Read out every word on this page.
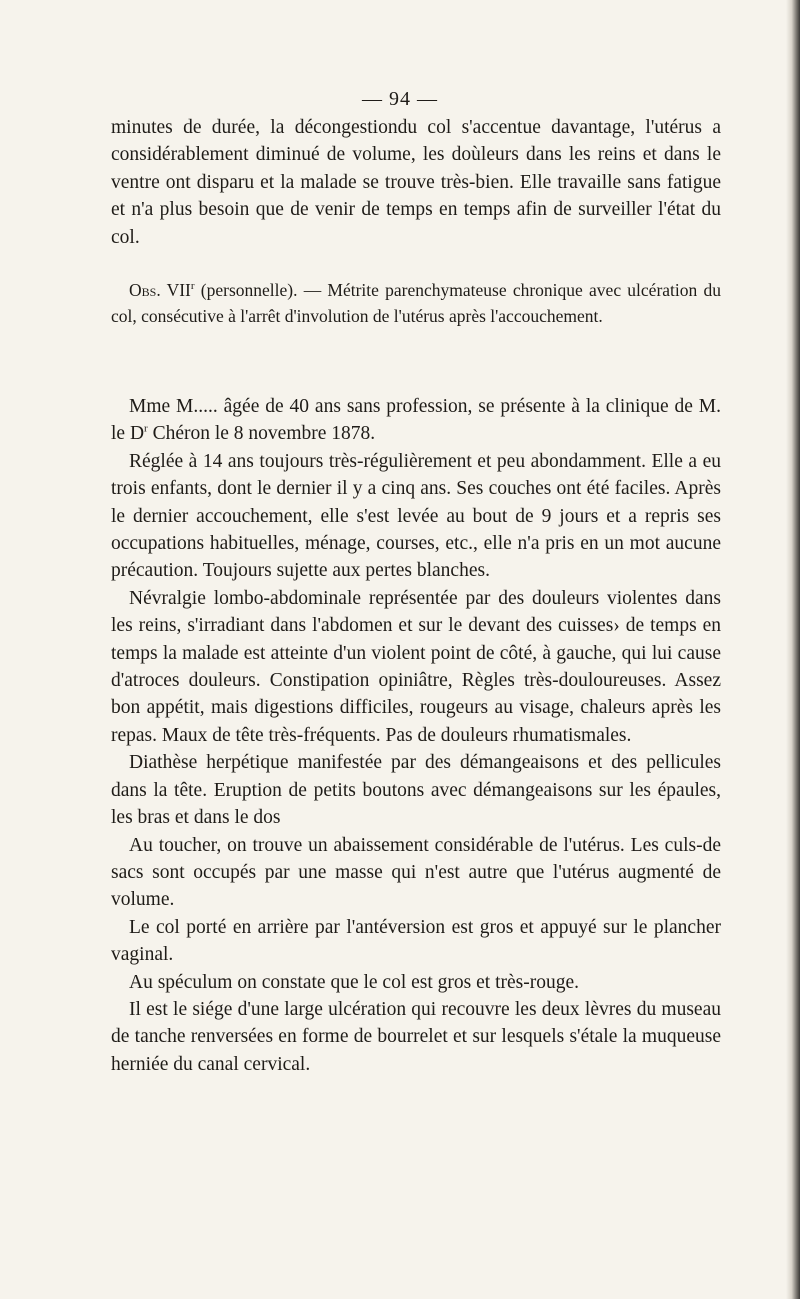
— 94 —

minutes de durée, la décongestiondu col s'accentue davantage, l'utérus a considérablement diminué de volume, les doùleurs dans les reins et dans le ventre ont disparu et la malade se trouve très-bien. Elle travaille sans fatigue et n'a plus besoin que de venir de temps en temps afin de surveiller l'état du col.

Obs. VII$^r$ (personnelle). — Métrite parenchymateuse chronique avec ulcération du col, consécutive à l'arrêt d'involution de l'utérus après l'accouchement.

Mme M..... âgée de 40 ans sans profession, se présente à la clinique de M. le $D^r$ Chéron le 8 novembre 1878.

Réglée à 14 ans toujours très-régulièrement et peu abondamment. Elle a eu trois enfants, dont le dernier il y a cinq ans. Ses couches ont été faciles. Après le dernier accouchement, elle s'est levée au bout de 9 jours et a repris ses occupations habituelles, ménage, courses, etc., elle n'a pris en un mot aucune précaution. Toujours sujette aux pertes blanches.

Névralgie lombo-abdominale représentée par des douleurs violentes dans les reins, s'irradiant dans l'abdomen et sur le devant des cuisses› de temps en temps la malade est atteinte d'un violent point de côté, à gauche, qui lui cause d'atroces douleurs. Constipation opiniâtre, Règles très-douloureuses. Assez bon appétit, mais digestions difficiles, rougeurs au visage, chaleurs après les repas. Maux de tête très-fréquents. Pas de douleurs rhumatismales.

Diathèse herpétique manifestée par des démangeaisons et des pellicules dans la tête. Eruption de petits boutons avec démangeaisons sur les épaules, les bras et dans le dos

Au toucher, on trouve un abaissement considérable de l'utérus. Les culs-de sacs sont occupés par une masse qui n'est autre que l'utérus augmenté de volume.

Le col porté en arrière par l'antéversion est gros et appuyé sur le plancher vaginal.

Au spéculum on constate que le col est gros et très-rouge.

Il est le siége d'une large ulcération qui recouvre les deux lèvres du museau de tanche renversées en forme de bourrelet et sur lesquels s'étale la muqueuse herniée du canal cervical.
